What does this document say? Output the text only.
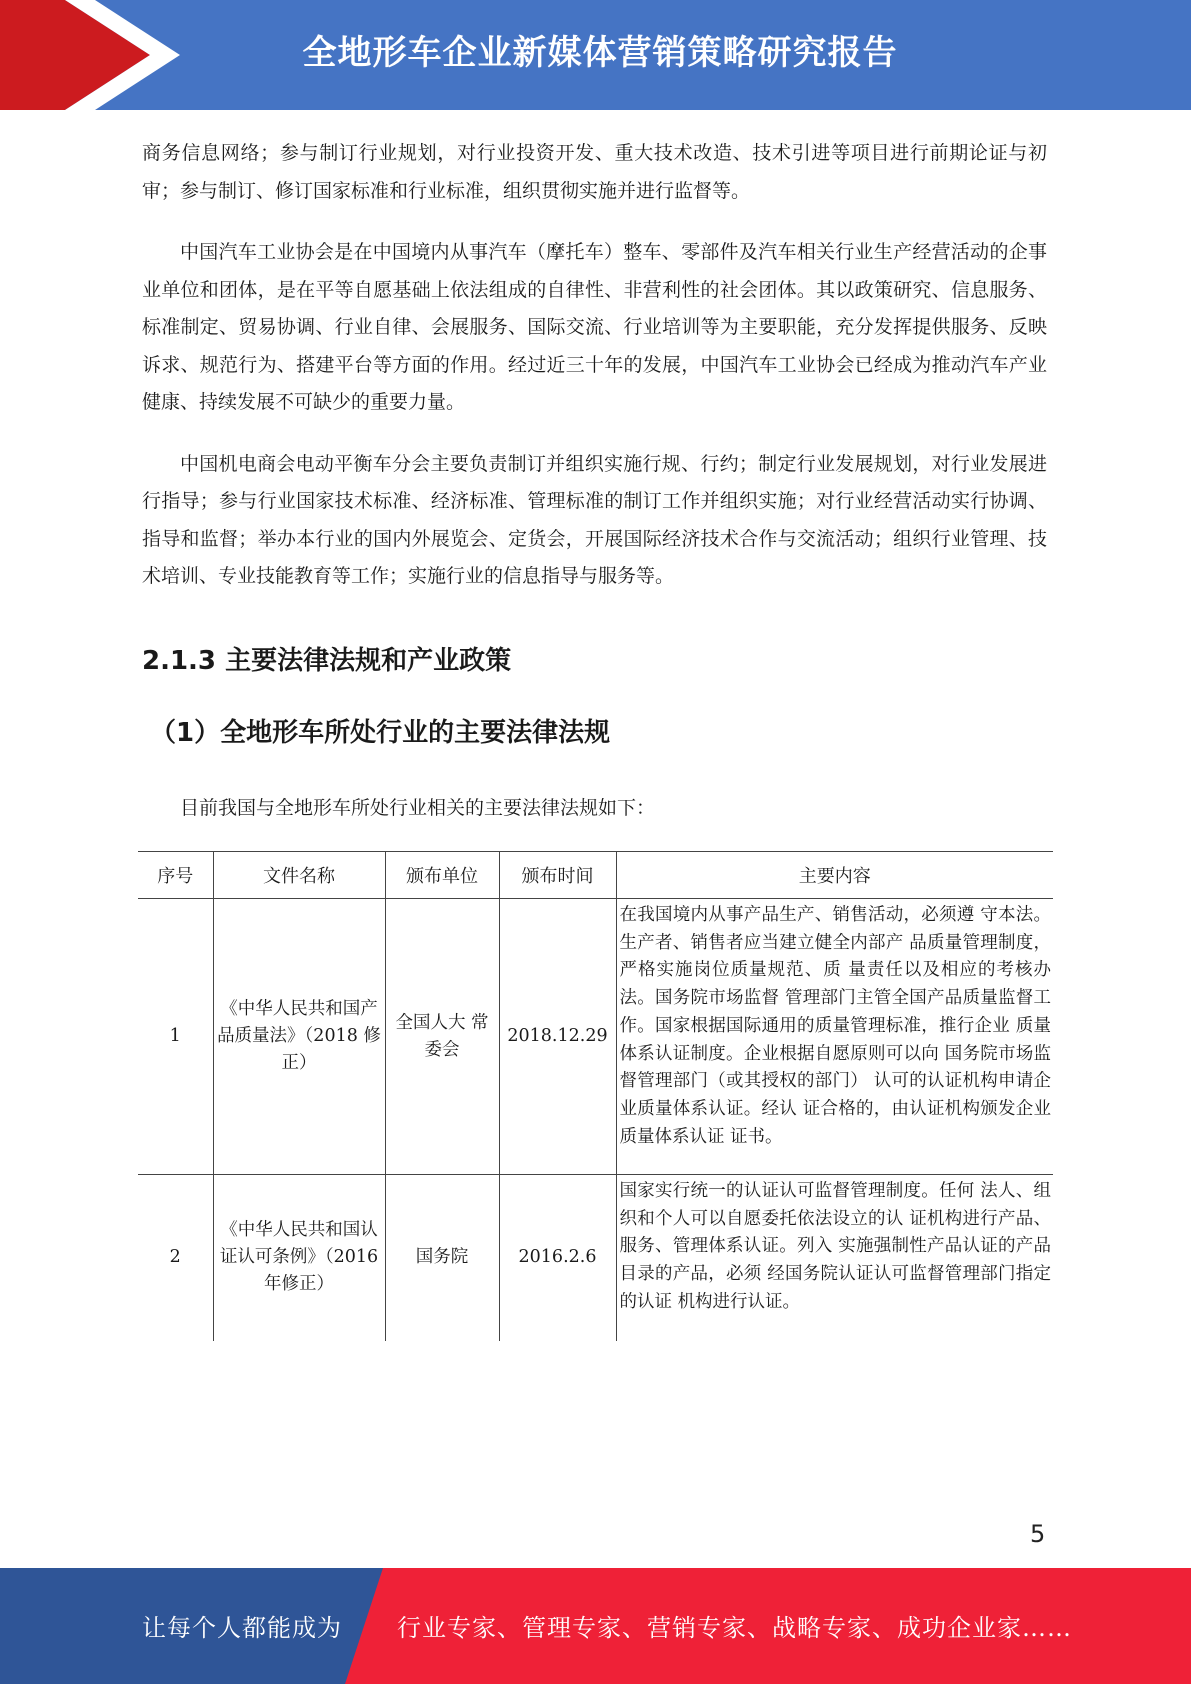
全地形车企业新媒体营销策略研究报告

商务信息网络；参与制订行业规划，对行业投资开发、重大技术改造、技术引进等项目进行前期论证与初审；参与制订、修订国家标准和行业标准，组织贯彻实施并进行监督等。

中国汽车工业协会是在中国境内从事汽车（摩托车）整车、零部件及汽车相关行业生产经营活动的企事业单位和团体，是在平等自愿基础上依法组成的自律性、非营利性的社会团体。其以政策研究、信息服务、标准制定、贸易协调、行业自律、会展服务、国际交流、行业培训等为主要职能，充分发挥提供服务、反映诉求、规范行为、搭建平台等方面的作用。经过近三十年的发展，中国汽车工业协会已经成为推动汽车产业健康、持续发展不可缺少的重要力量。

中国机电商会电动平衡车分会主要负责制订并组织实施行规、行约；制定行业发展规划，对行业发展进行指导；参与行业国家技术标准、经济标准、管理标准的制订工作并组织实施；对行业经营活动实行协调、指导和监督；举办本行业的国内外展览会、定货会，开展国际经济技术合作与交流活动；组织行业管理、技术培训、专业技能教育等工作；实施行业的信息指导与服务等。

2.1.3 主要法律法规和产业政策
（1）全地形车所处行业的主要法律法规

目前我国与全地形车所处行业相关的主要法律法规如下：

序号	文件名称	颁布单位	颁布时间	主要内容
1	《中华人民共和国产品质量法》（2018 修正）	全国人大 常委会	2018.12.29	在我国境内从事产品生产、销售活动，必须遵 守本法。生产者、销售者应当建立健全内部产 品质量管理制度，严格实施岗位质量规范、质 量责任以及相应的考核办法。国务院市场监督 管理部门主管全国产品质量监督工作。国家根据国际通用的质量管理标准，推行企业 质量体系认证制度。企业根据自愿原则可以向 国务院市场监督管理部门（或其授权的部门） 认可的认证机构申请企业质量体系认证。经认 证合格的，由认证机构颁发企业质量体系认证 证书。
2	《中华人民共和国认证认可条例》（2016 年修正）	国务院	2016.2.6	国家实行统一的认证认可监督管理制度。任何 法人、组织和个人可以自愿委托依法设立的认 证机构进行产品、服务、管理体系认证。列入 实施强制性产品认证的产品目录的产品，必须 经国务院认证认可监督管理部门指定的认证 机构进行认证。
5
让每个人都能成为 行业专家、管理专家、营销专家、战略专家、成功企业家……
